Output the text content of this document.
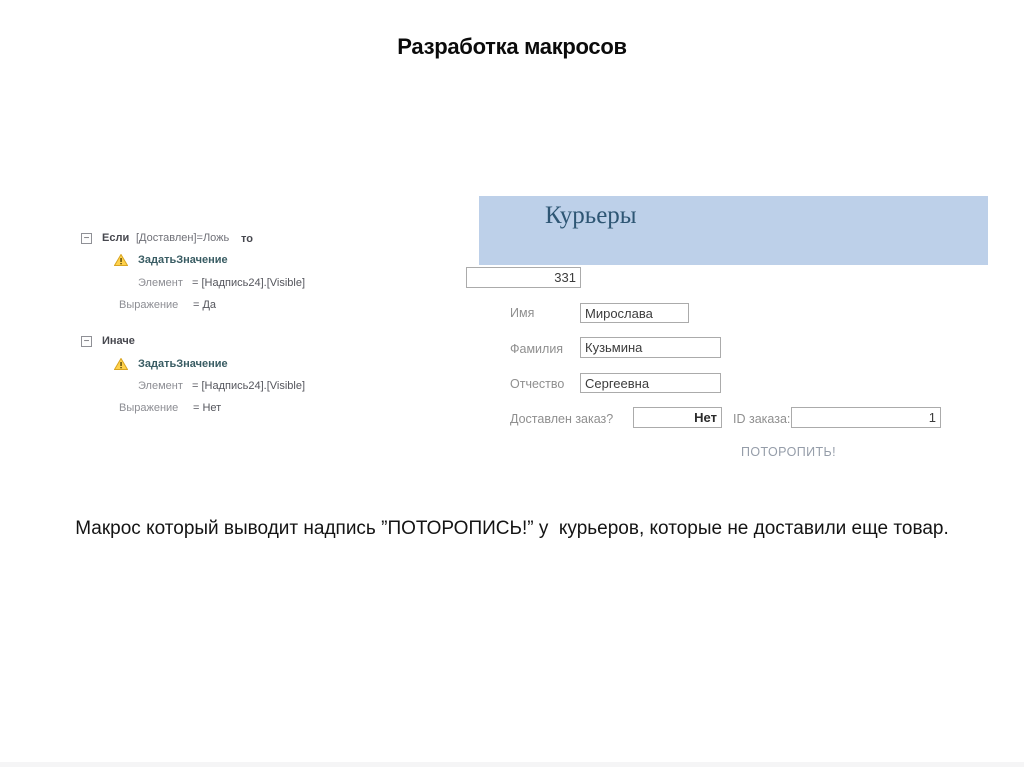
Разработка макросов
− Если [Доставлен]=Ложь то
ЗадатьЗначение
Элемент = [Надпись24].[Visible]
Выражение = Да
− Иначе
ЗадатьЗначение
Элемент = [Надпись24].[Visible]
Выражение = Нет
Курьеры
331
Имя	Мирослава
Фамилия	Кузьмина
Отчество	Сергеевна
Доставлен заказ?	Нет	ID заказа:	1
ПОТОРОПИТЬ!
Макрос который выводит надпись ”ПОТОРОПИСЬ!” у  курьеров, которые не доставили еще товар.
